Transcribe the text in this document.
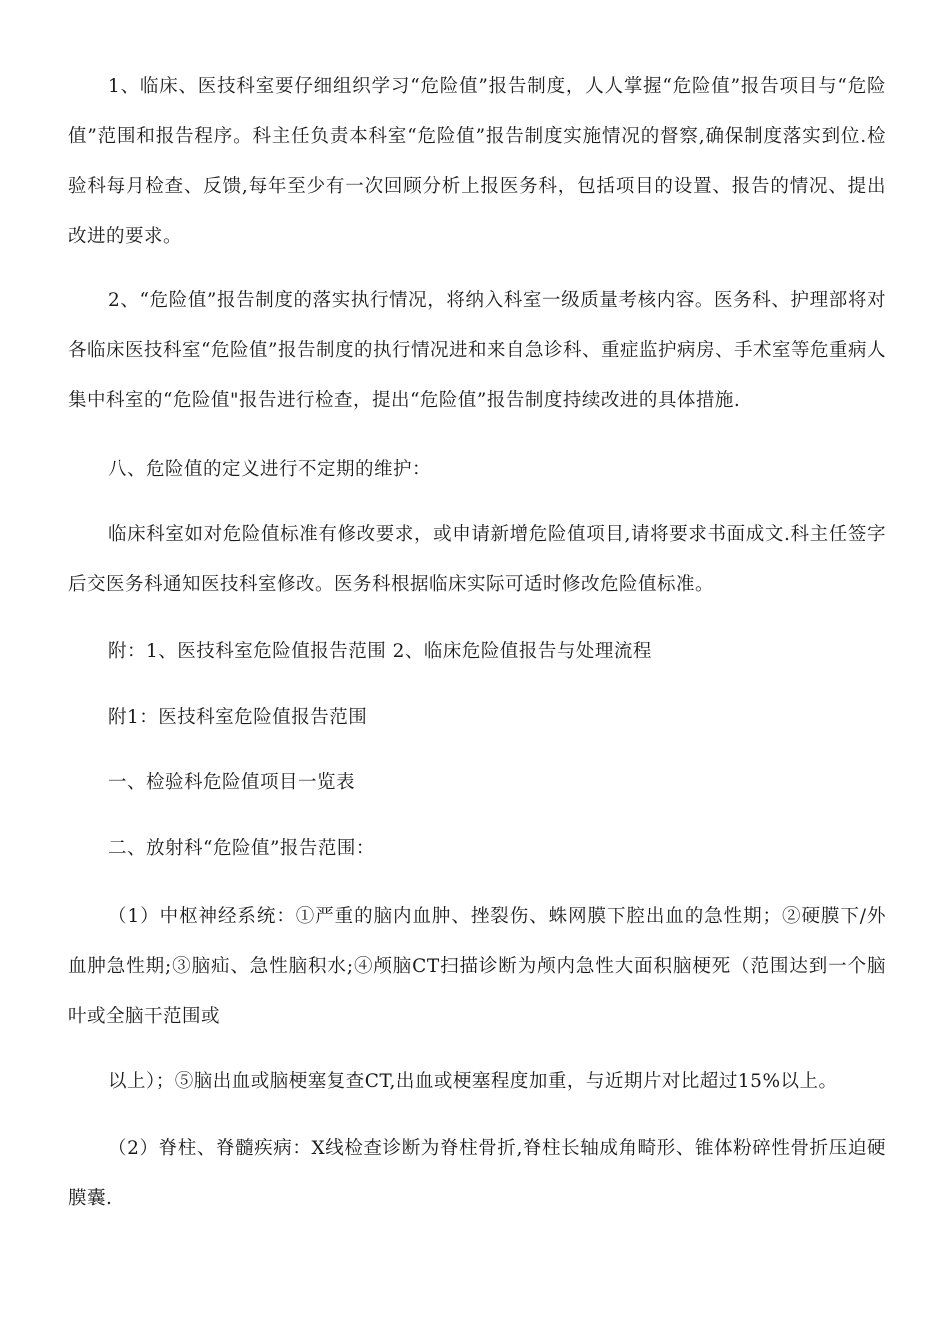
1、临床、医技科室要仔细组织学习“危险值”报告制度，人人掌握“危险值”报告项目与“危险值”范围和报告程序。科主任负责本科室“危险值”报告制度实施情况的督察,确保制度落实到位.检验科每月检查、反馈,每年至少有一次回顾分析上报医务科，包括项目的设置、报告的情况、提出改进的要求。

2、“危险值”报告制度的落实执行情况，将纳入科室一级质量考核内容。医务科、护理部将对各临床医技科室“危险值”报告制度的执行情况进和来自急诊科、重症监护病房、手术室等危重病人集中科室的“危险值"报告进行检查，提出“危险值”报告制度持续改进的具体措施.

八、危险值的定义进行不定期的维护：

临床科室如对危险值标准有修改要求，或申请新增危险值项目,请将要求书面成文.科主任签字后交医务科通知医技科室修改。医务科根据临床实际可适时修改危险值标准。

附：1、医技科室危险值报告范围 2、临床危险值报告与处理流程

附1：医技科室危险值报告范围

一、检验科危险值项目一览表

二、放射科“危险值”报告范围：

（1）中枢神经系统：①严重的脑内血肿、挫裂伤、蛛网膜下腔出血的急性期；②硬膜下/外血肿急性期;③脑疝、急性脑积水;④颅脑CT扫描诊断为颅内急性大面积脑梗死（范围达到一个脑叶或全脑干范围或

以上）；⑤脑出血或脑梗塞复查CT,出血或梗塞程度加重，与近期片对比超过15%以上。

（2）脊柱、脊髓疾病：X线检查诊断为脊柱骨折,脊柱长轴成角畸形、锥体粉碎性骨折压迫硬膜囊.
